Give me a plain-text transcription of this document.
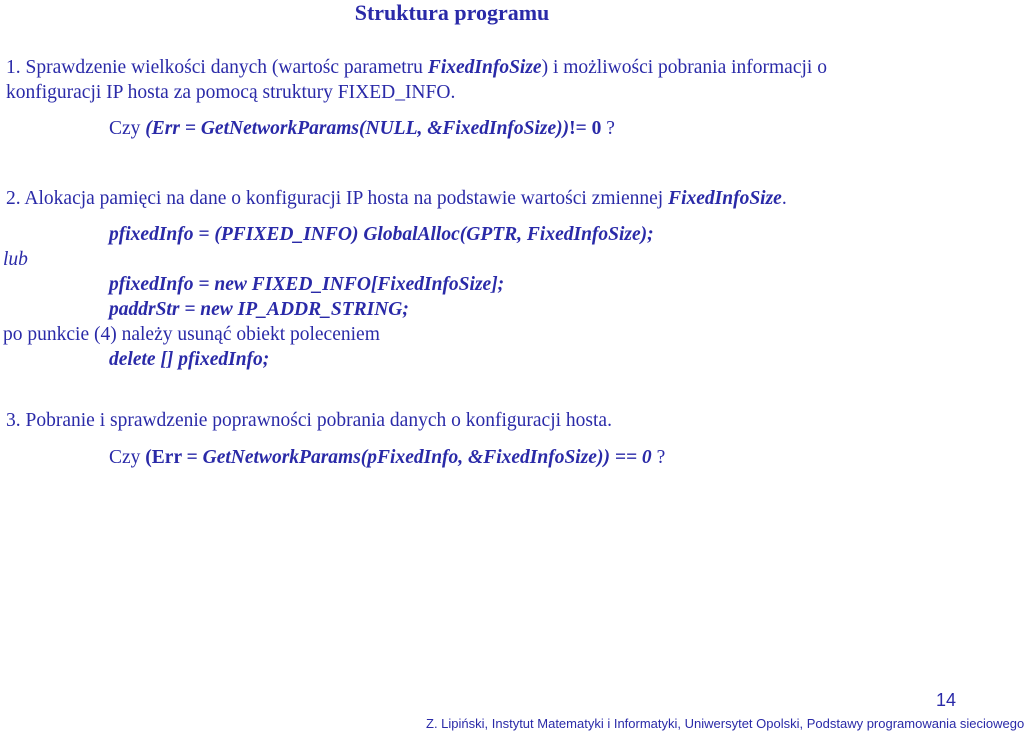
Struktura programu
1. Sprawdzenie wielkości danych (wartośc parametru FixedInfoSize) i możliwości pobrania informacji o
konfiguracji IP hosta za pomocą struktury FIXED_INFO.
Czy (Err = GetNetworkParams(NULL, &FixedInfoSize))!= 0 ?
2. Alokacja pamięci na dane o konfiguracji IP hosta na podstawie wartości zmiennej FixedInfoSize.
pfixedInfo = (PFIXED_INFO) GlobalAlloc(GPTR, FixedInfoSize);
lub
pfixedInfo = new FIXED_INFO[FixedInfoSize];
paddrStr = new IP_ADDR_STRING;
po punkcie (4) należy usunąć obiekt poleceniem
delete [] pfixedInfo;
3. Pobranie i sprawdzenie poprawności pobrania danych o konfiguracji hosta.
Czy (Err = GetNetworkParams(pFixedInfo, &FixedInfoSize)) == 0 ?
14
Z. Lipiński, Instytut Matematyki i Informatyki, Uniwersytet Opolski, Podstawy programowania sieciowego
